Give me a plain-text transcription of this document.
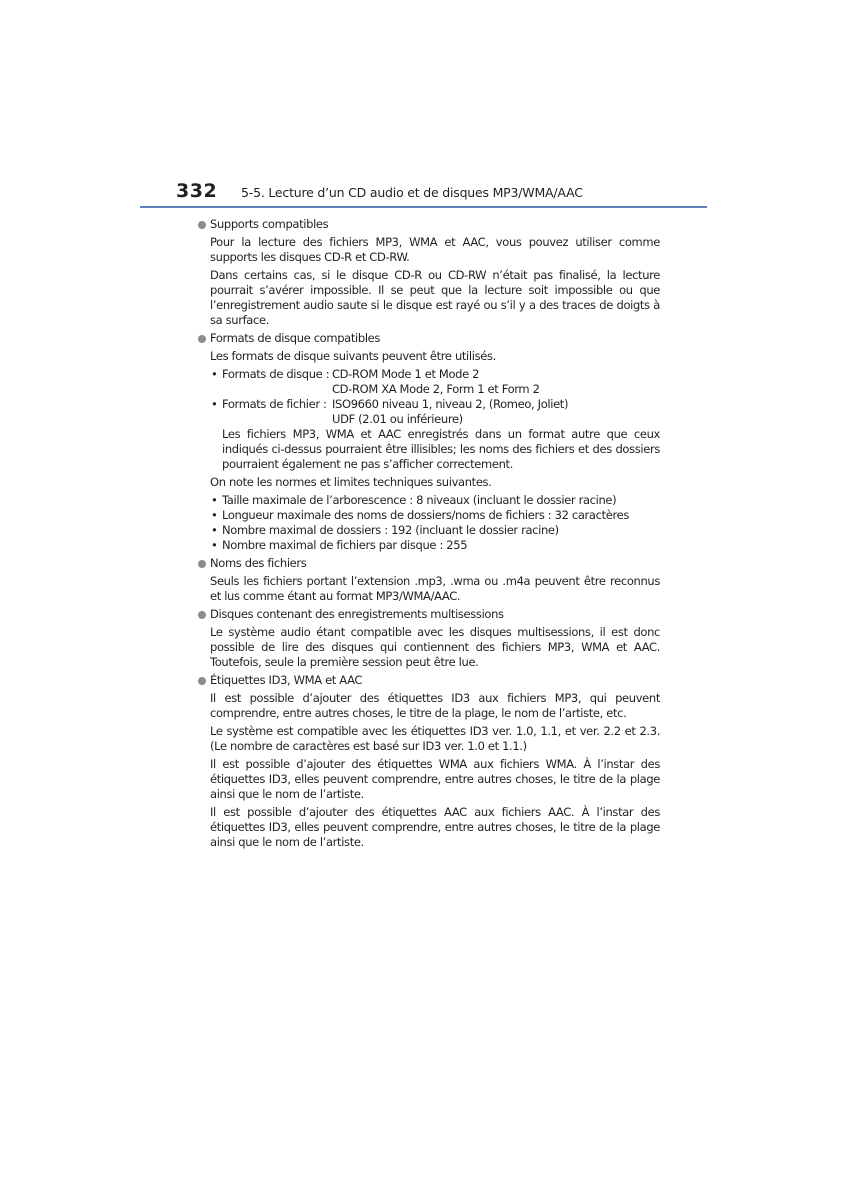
332 5-5. Lecture d’un CD audio et de disques MP3/WMA/AAC
Supports compatibles
Pour la lecture des fichiers MP3, WMA et AAC, vous pouvez utiliser comme supports les disques CD-R et CD-RW.
Dans certains cas, si le disque CD-R ou CD-RW n’était pas finalisé, la lecture pourrait s’avérer impossible. Il se peut que la lecture soit impossible ou que l’enregistrement audio saute si le disque est rayé ou s’il y a des traces de doigts à sa surface.
Formats de disque compatibles
Les formats de disque suivants peuvent être utilisés.
• Formats de disque : CD-ROM Mode 1 et Mode 2
CD-ROM XA Mode 2, Form 1 et Form 2
• Formats de fichier : ISO9660 niveau 1, niveau 2, (Romeo, Joliet)
UDF (2.01 ou inférieure)
Les fichiers MP3, WMA et AAC enregistrés dans un format autre que ceux indiqués ci-dessus pourraient être illisibles; les noms des fichiers et des dossiers pourraient également ne pas s’afficher correctement.
On note les normes et limites techniques suivantes.
• Taille maximale de l’arborescence : 8 niveaux (incluant le dossier racine)
• Longueur maximale des noms de dossiers/noms de fichiers : 32 caractères
• Nombre maximal de dossiers : 192 (incluant le dossier racine)
• Nombre maximal de fichiers par disque : 255
Noms des fichiers
Seuls les fichiers portant l’extension .mp3, .wma ou .m4a peuvent être reconnus et lus comme étant au format MP3/WMA/AAC.
Disques contenant des enregistrements multisessions
Le système audio étant compatible avec les disques multisessions, il est donc possible de lire des disques qui contiennent des fichiers MP3, WMA et AAC. Toutefois, seule la première session peut être lue.
Étiquettes ID3, WMA et AAC
Il est possible d’ajouter des étiquettes ID3 aux fichiers MP3, qui peuvent comprendre, entre autres choses, le titre de la plage, le nom de l’artiste, etc.
Le système est compatible avec les étiquettes ID3 ver. 1.0, 1.1, et ver. 2.2 et 2.3. (Le nombre de caractères est basé sur ID3 ver. 1.0 et 1.1.)
Il est possible d’ajouter des étiquettes WMA aux fichiers WMA. À l’instar des étiquettes ID3, elles peuvent comprendre, entre autres choses, le titre de la plage ainsi que le nom de l’artiste.
Il est possible d’ajouter des étiquettes AAC aux fichiers AAC. À l’instar des étiquettes ID3, elles peuvent comprendre, entre autres choses, le titre de la plage ainsi que le nom de l’artiste.
